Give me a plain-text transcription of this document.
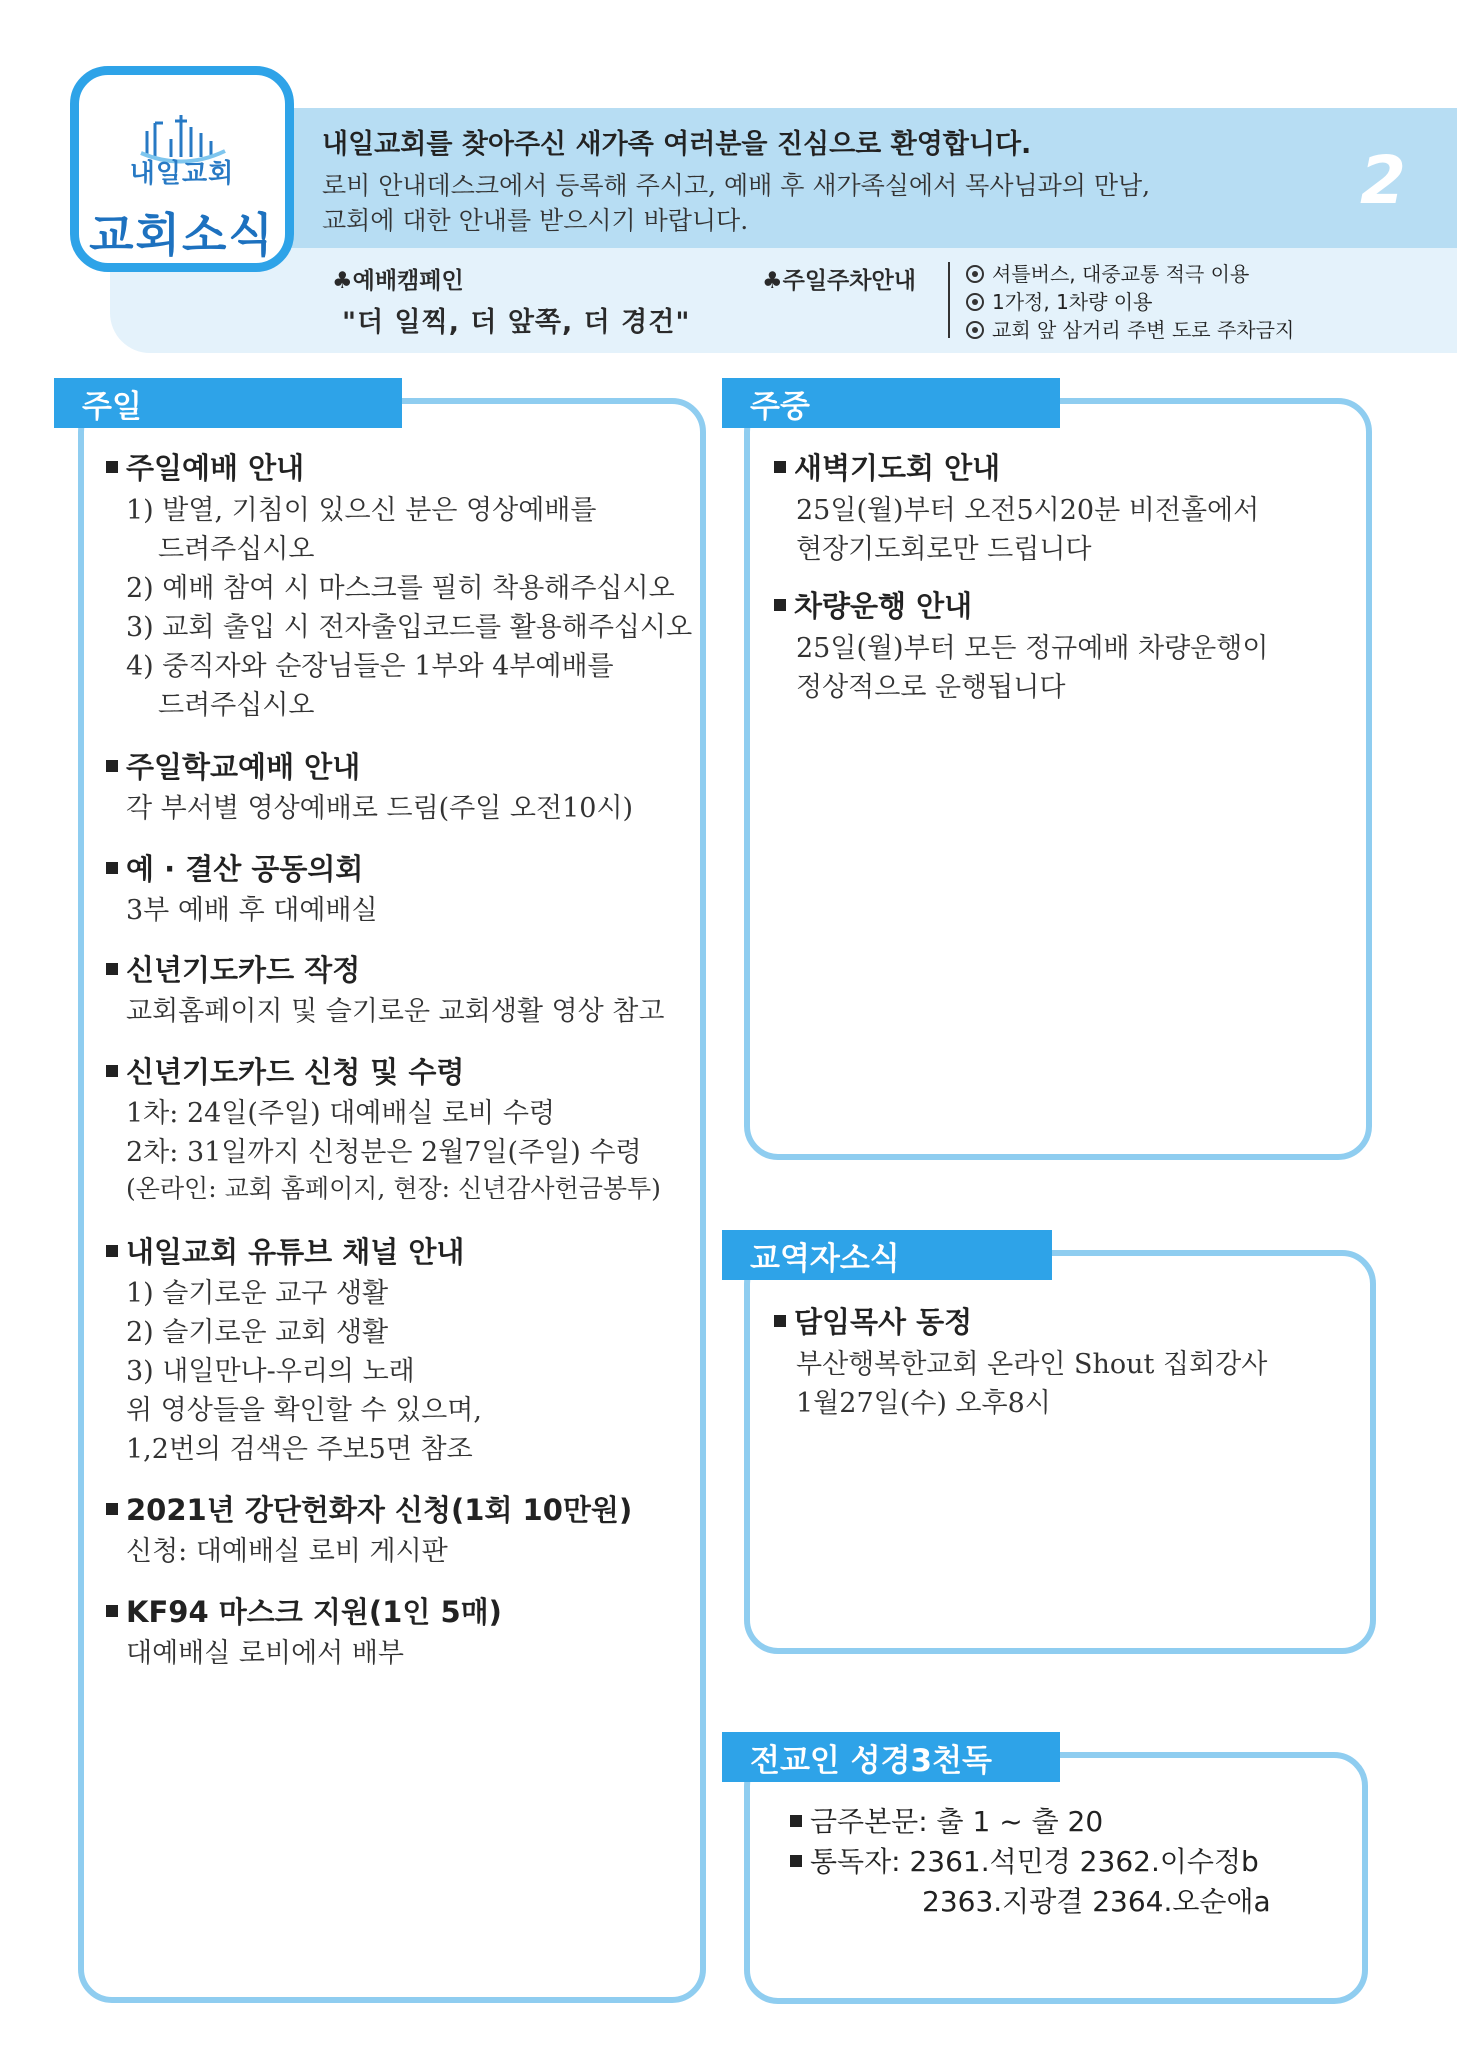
내일교회
교회소식
내일교회를 찾아주신 새가족 여러분을 진심으로 환영합니다.
로비 안내데스크에서 등록해 주시고, 예배 후 새가족실에서 목사님과의 만남,
교회에 대한 안내를 받으시기 바랍니다.
2
♣예배캠페인
"더 일찍, 더 앞쪽, 더 경건"
♣주일주차안내	셔틀버스, 대중교통 적극 이용
1가정, 1차량 이용
교회 앞 삼거리 주변 도로 주차금지
주일
주일예배 안내
1) 발열, 기침이 있으신 분은 영상예배를
드려주십시오
2) 예배 참여 시 마스크를 필히 착용해주십시오
3) 교회 출입 시 전자출입코드를 활용해주십시오
4) 중직자와 순장님들은 1부와 4부예배를
드려주십시오
주일학교예배 안내
각 부서별 영상예배로 드림(주일 오전10시)
예 · 결산 공동의회
3부 예배 후 대예배실
신년기도카드 작정
교회홈페이지 및 슬기로운 교회생활 영상 참고
신년기도카드 신청 및 수령
1차: 24일(주일) 대예배실 로비 수령
2차: 31일까지 신청분은 2월7일(주일) 수령
(온라인: 교회 홈페이지, 현장: 신년감사헌금봉투)
내일교회 유튜브 채널 안내
1) 슬기로운 교구 생활
2) 슬기로운 교회 생활
3) 내일만나-우리의 노래
위 영상들을 확인할 수 있으며,
1,2번의 검색은 주보5면 참조
2021년 강단헌화자 신청(1회 10만원)
신청: 대예배실 로비 게시판
KF94 마스크 지원(1인 5매)
대예배실 로비에서 배부
주중
새벽기도회 안내
25일(월)부터 오전5시20분 비전홀에서
현장기도회로만 드립니다
차량운행 안내
25일(월)부터 모든 정규예배 차량운행이
정상적으로 운행됩니다
교역자소식
담임목사 동정
부산행복한교회 온라인 Shout 집회강사
1월27일(수) 오후8시
전교인 성경3천독
금주본문: 출 1 ~ 출 20
통독자: 2361.석민경 2362.이수정b
2363.지광결 2364.오순애a
